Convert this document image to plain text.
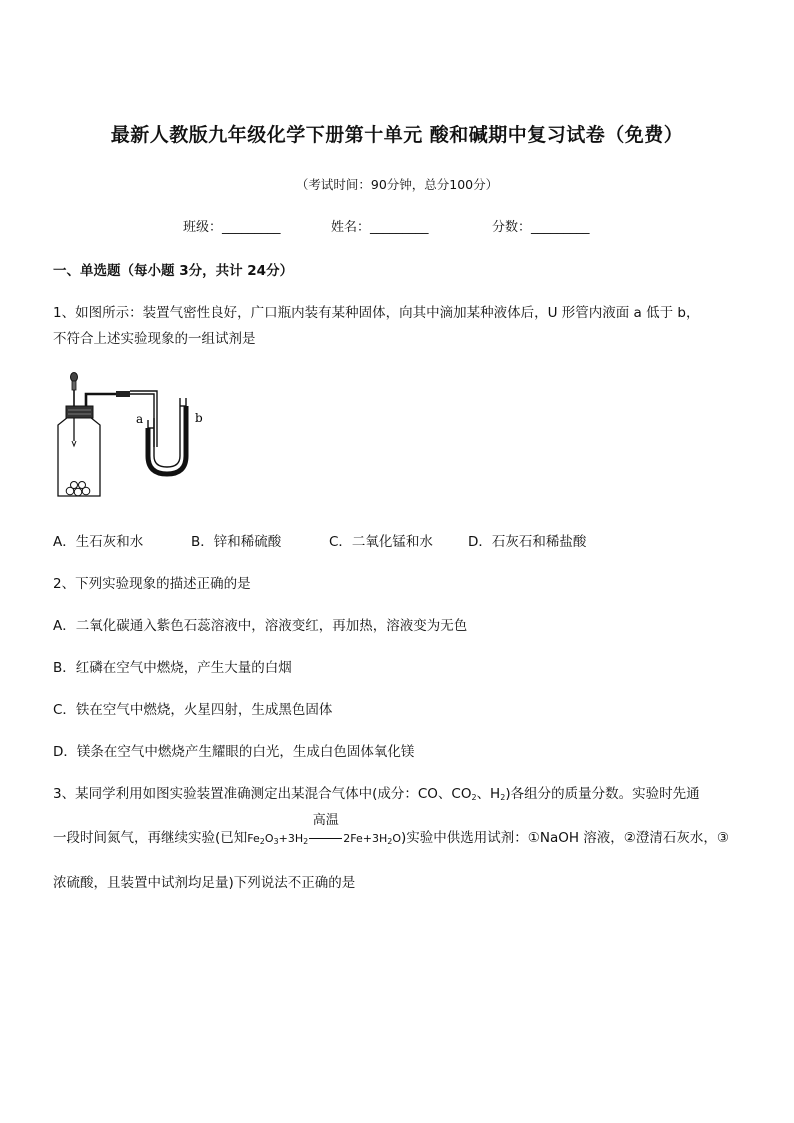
最新人教版九年级化学下册第十单元 酸和碱期中复习试卷（免费）
（考试时间：90分钟，总分100分）
班级：_________	姓名：_________	分数：_________
一、单选题（每小题 3分，共计 24分）
1、如图所示：装置气密性良好，广口瓶内装有某种固体，向其中滴加某种液体后，U 形管内液面 a 低于 b，
不符合上述实验现象的一组试剂是
a	b
A．生石灰和水	B．锌和稀硫酸	C．二氧化锰和水	D．石灰石和稀盐酸
2、下列实验现象的描述正确的是
A．二氧化碳通入紫色石蕊溶液中，溶液变红，再加热，溶液变为无色
B．红磷在空气中燃烧，产生大量的白烟
C．铁在空气中燃烧，火星四射，生成黑色固体
D．镁条在空气中燃烧产生耀眼的白光，生成白色固体氧化镁
3、某同学利用如图实验装置准确测定出某混合气体中(成分：CO、$CO_2$、$H_2$)各组分的质量分数。实验时先通
一段时间氮气，再继续实验(已知$Fe_2O_3+3H_2$
高温
$2Fe+3H_2O$)实验中供选用试剂：①NaOH 溶液，②澄清石灰水，③
浓硫酸，且装置中试剂均足量)下列说法不正确的是
